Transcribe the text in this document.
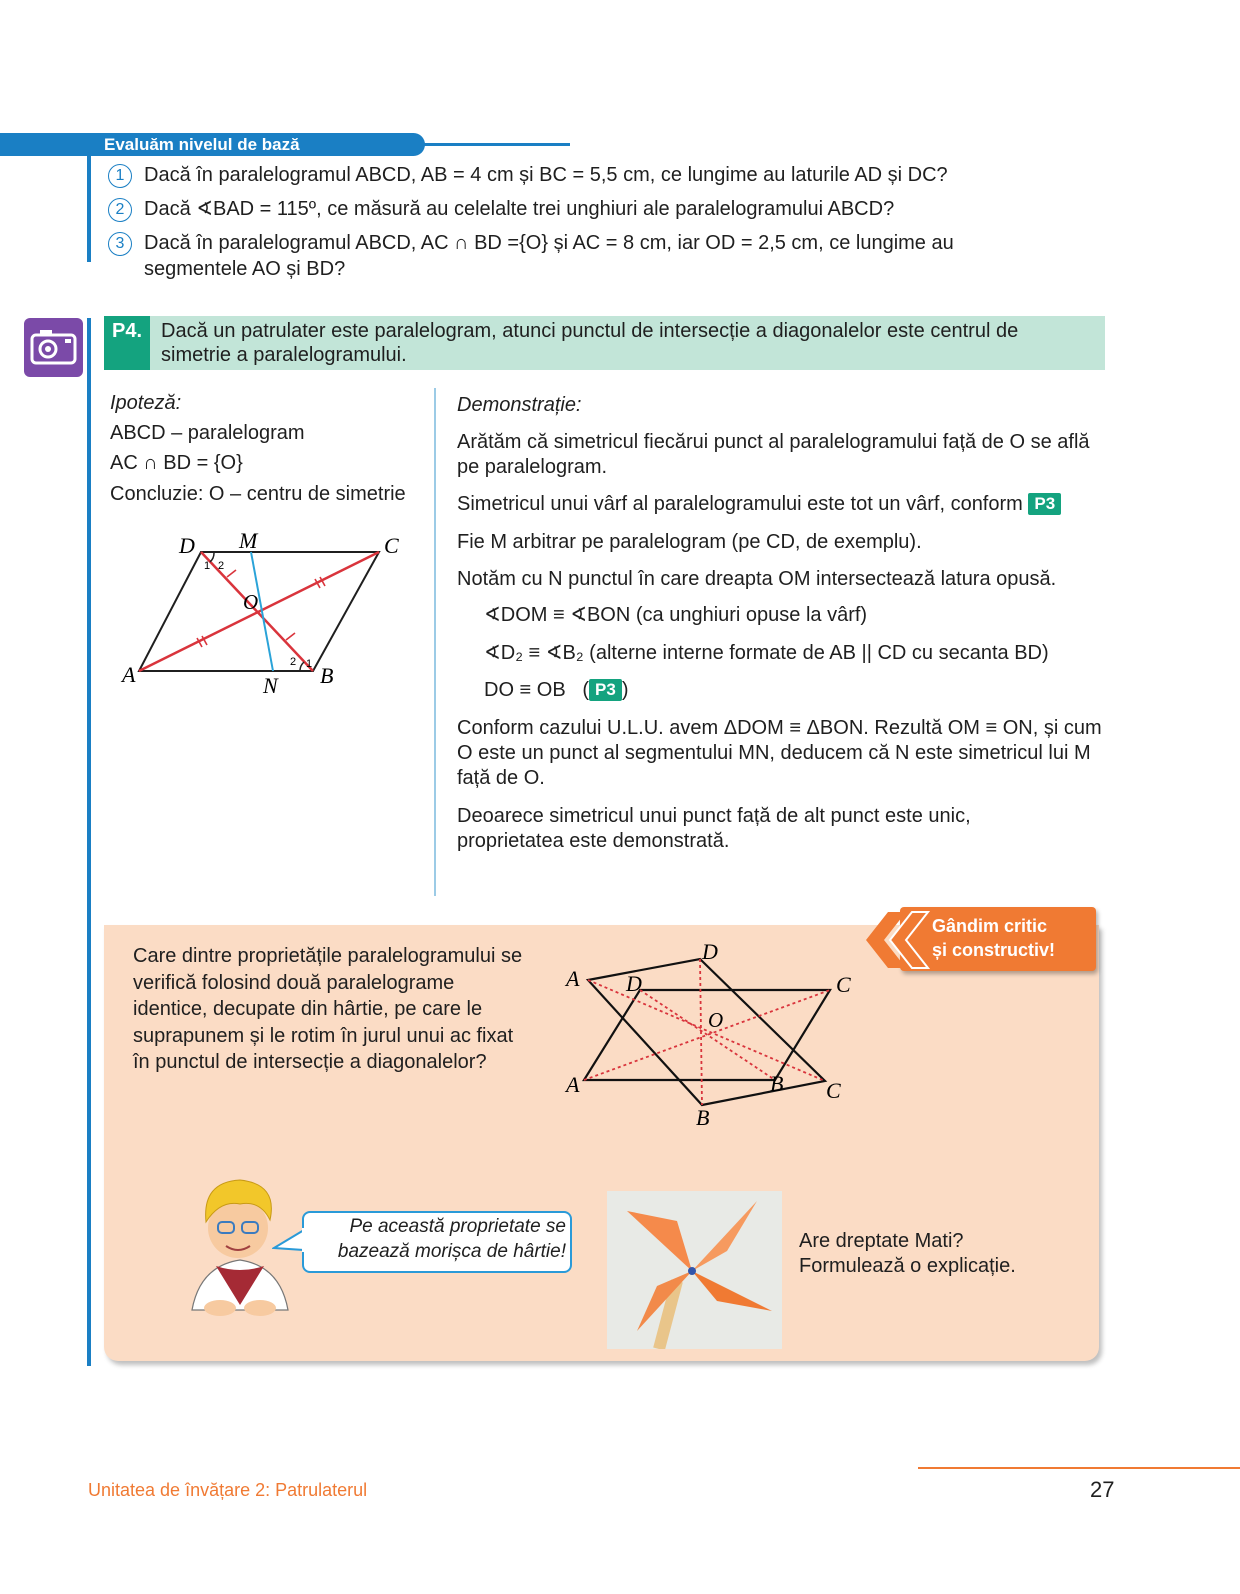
Evaluăm nivelul de bază
1 Dacă în paralelogramul ABCD, AB = 4 cm și BC = 5,5 cm, ce lungime au laturile AD și DC?
2 Dacă ∢BAD = 115º, ce măsură au celelalte trei unghiuri ale paralelogramului ABCD?
3 Dacă în paralelogramul ABCD, AC ∩ BD ={O} și AC = 8 cm, iar OD = 2,5 cm, ce lungime au segmentele AO și BD?
P4. Dacă un patrulater este paralelogram, atunci punctul de intersecție a diagonalelor este centrul de simetrie a paralelogramului.
Ipoteză:
ABCD – paralelogram
AC ∩ BD = {O}
Concluzie: O – centru de simetrie
D M	C
O
A	N B
2
2
1
1
Demonstrație:
Arătăm că simetricul fiecărui punct al paralelogramului față de O se află pe paralelogram.
Simetricul unui vârf al paralelogramului este tot un vârf, conform P3
Fie M arbitrar pe paralelogram (pe CD, de exemplu).
Notăm cu N punctul în care dreapta OM intersectează latura opusă.
∢DOM ≡ ∢BON (ca unghiuri opuse la vârf)
∢D₂ ≡ ∢B₂ (alterne interne formate de AB || CD cu secanta BD)
DO ≡ OB   ( P3 )
Conform cazului U.L.U. avem ΔDOM ≡ ΔBON. Rezultă OM ≡ ON, și cum O este un punct al segmentului MN, deducem că N este simetricul lui M față de O.
Deoarece simetricul unui punct față de alt punct este unic, proprietatea este demonstrată.
Gândim critic
și constructiv!
Care dintre proprietățile paralelogramului se verifică folosind două paralelograme identice, decupate din hârtie, pe care le suprapunem și le rotim în jurul unui ac fixat în punctul de intersecție a diagonalelor?
A
D
C
D
O
A	B C
B
Pe această proprietate se bazează morișca de hârtie!	Are dreptate Mati?
Formulează o explicație.
Unitatea de învățare 2: Patrulaterul	27
